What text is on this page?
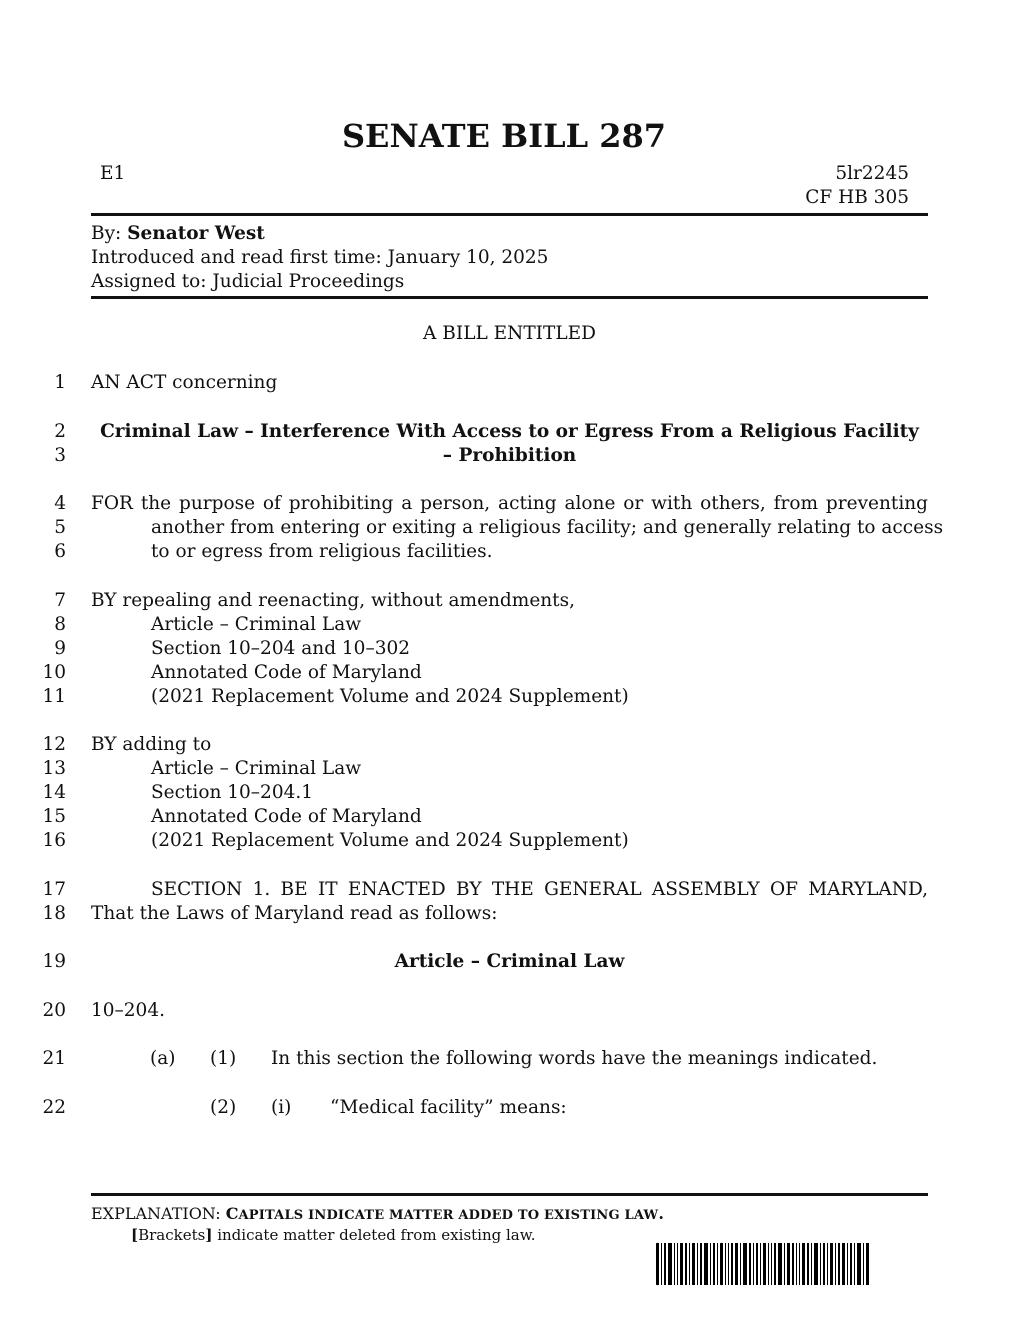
SENATE BILL 287
E1	5lr2245
CF HB 305
By: Senator West
Introduced and read first time: January 10, 2025
Assigned to: Judicial Proceedings
A BILL ENTITLED
1
2
3
4
5
6
7
8
9
10
11
12
13
14
15
16
17
18
19
20
21
22
AN ACT concerning
Criminal Law – Interference With Access to or Egress From a Religious Facility
– Prohibition
FOR the purpose of prohibiting a person, acting alone or with others, from preventing
another from entering or exiting a religious facility; and generally relating to access
to or egress from religious facilities.
BY repealing and reenacting, without amendments,
Article – Criminal Law
Section 10–204 and 10–302
Annotated Code of Maryland
(2021 Replacement Volume and 2024 Supplement)
BY adding to
Article – Criminal Law
Section 10–204.1
Annotated Code of Maryland
(2021 Replacement Volume and 2024 Supplement)
SECTION 1. BE IT ENACTED BY THE GENERAL ASSEMBLY OF MARYLAND,
That the Laws of Maryland read as follows:
Article – Criminal Law
10–204.
(a) (1) In this section the following words have the meanings indicated.
(2) (i) “Medical facility” means:
EXPLANATION: CAPITALS INDICATE MATTER ADDED TO EXISTING LAW.
[Brackets] indicate matter deleted from existing law.
